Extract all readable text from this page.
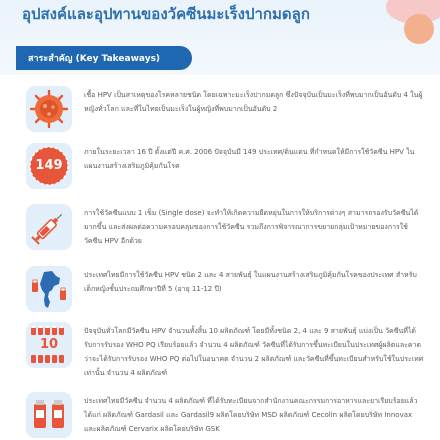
อุปสงค์และอุปทานของวัคซีนมะเร็งปากมดลูก
สาระสำคัญ (Key Takeaways)
เชื้อ HPV เป็นสาเหตุของโรคหลายชนิด โดยเฉพาะมะเร็งปากมดลูก ซึ่งปัจจุบันเป็นมะเร็งที่พบมากเป็นอันดับ 4 ในผู้หญิงทั่วโลก และที่ในไทยเป็นมะเร็งในผู้หญิงที่พบมากเป็นอันดับ 2
149
ภายในระยะเวลา 16 ปี ตั้งแต่ปี ค.ศ. 2006 ปัจจุบันมี 149 ประเทศ/ดินแดน ที่กำหนดให้มีการใช้วัคซีน HPV ในแผนงานสร้างเสริมภูมิคุ้มกันโรค
การใช้วัคซีนแบบ 1 เข็ม (Single dose) จะทำให้เกิดความยืดหยุ่นในการให้บริการต่างๆ สามารถรองรับวัคซีนได้มากขึ้น และส่งผลต่อความครอบคลุมของการใช้วัคซีน รวมถึงการพิจารณาการขยายกลุ่มเป้าหมายของการใช้วัคซีน HPV อีกด้วย
ประเทศไทยมีการใช้วัคซีน HPV ชนิด 2 และ 4 สายพันธุ์ ในแผนงานสร้างเสริมภูมิคุ้มกันโรคของประเทศ สำหรับเด็กหญิงชั้นประถมศึกษาปีที่ 5 (อายุ 11-12 ปี)
10
ปัจจุบันทั่วโลกมีวัคซีน HPV จำนวนทั้งสิ้น 10 ผลิตภัณฑ์ โดยมีทั้งชนิด 2, 4 และ 9 สายพันธุ์ แบ่งเป็น วัคซีนที่ได้รับการรับรอง WHO PQ เรียบร้อยแล้ว จำนวน 4 ผลิตภัณฑ์ วัคซีนที่ได้รับการขึ้นทะเบียนในประเทศผู้ผลิตและคาดว่าจะได้รับการรับรอง WHO PQ ต่อไปในอนาคต จำนวน 2 ผลิตภัณฑ์ และวัคซีนที่ขึ้นทะเบียนสำหรับใช้ในประเทศเท่านั้น จำนวน 4 ผลิตภัณฑ์
ประเทศไทยมีวัคซีน จำนวน 4 ผลิตภัณฑ์ ที่ได้รับทะเบียนจากสำนักงานคณะกรรมการอาหารและยาเรียบร้อยแล้ว ได้แก่ ผลิตภัณฑ์ Gardasil และ Gardasil9 ผลิตโดยบริษัท MSD ผลิตภัณฑ์ Cecolin ผลิตโดยบริษัท Innovax และผลิตภัณฑ์ Cervarix ผลิตโดยบริษัท GSK
